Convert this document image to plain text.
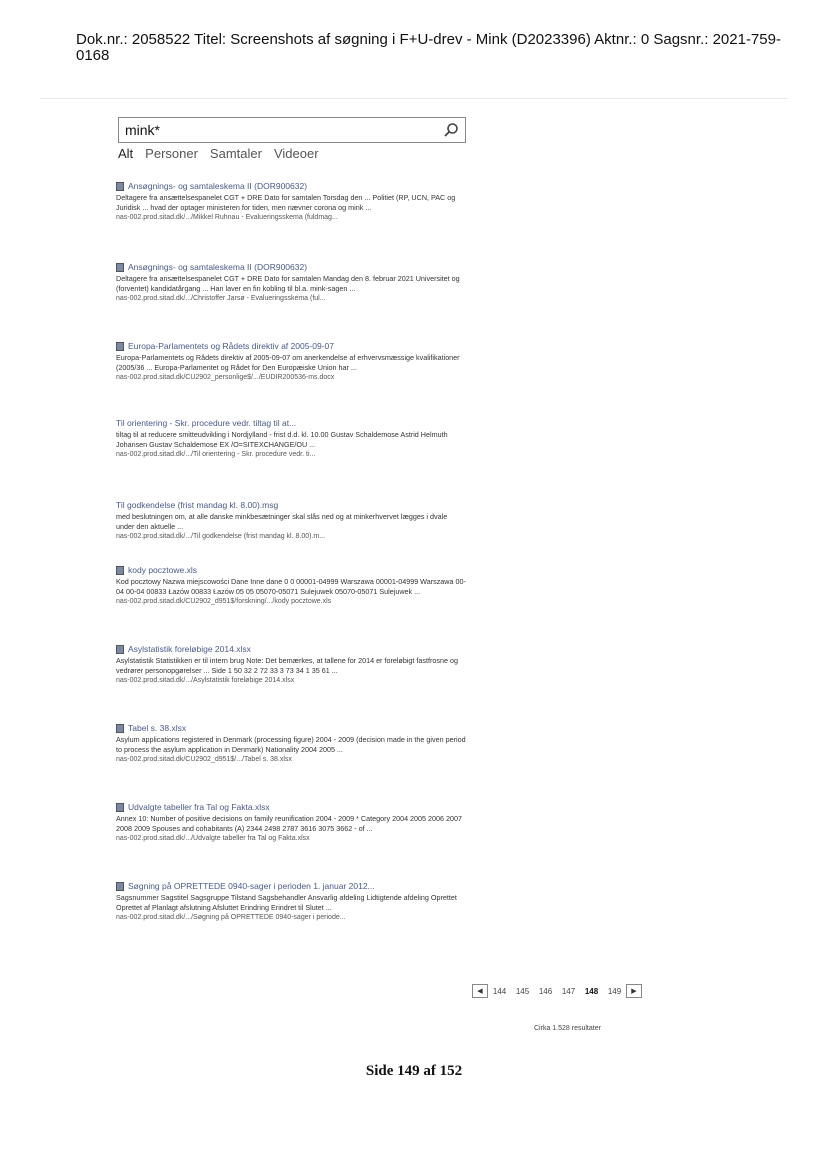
Dok.nr.: 2058522 Titel: Screenshots af søgning i F+U-drev - Mink (D2023396) Aktnr.: 0 Sagsnr.: 2021-759-0168
mink*
Alt Personer Samtaler Videoer
Ansøgnings- og samtaleskema II (DOR900632)
Deltagere fra ansættelsespanelet CGT + DRE Dato for samtalen Torsdag den ... Politiet (RP, UCN, PAC og Juridisk ... hvad der optager ministeren for tiden, men nævner corona og mink ...
nas-002.prod.sitad.dk/.../Mikkel Ruhnau - Evalueringsskema (fuldmag...
Ansøgnings- og samtaleskema II (DOR900632)
Deltagere fra ansættelsespanelet CGT + DRE Dato for samtalen Mandag den 8. februar 2021 Universitet og (forventet) kandidatårgang ... Han laver en fin kobling til bl.a. mink-sagen ...
nas-002.prod.sitad.dk/.../Christoffer Jarsø - Evalueringsskema (ful...
Europa-Parlamentets og Rådets direktiv af 2005-09-07
Europa-Parlamentets og Rådets direktiv af 2005-09-07 om anerkendelse af erhvervsmæssige kvalifikationer (2005/36 ... Europa-Parlamentet og Rådet for Den Europæiske Union har ...
nas-002.prod.sitad.dk/CU2902_personlige$/.../EUDIR200536-ms.docx
Til orientering - Skr. procedure vedr. tiltag til at...
tiltag til at reducere smitteudvikling i Nordjylland - frist d.d. kl. 10.00 Gustav Schaldemose Astrid Helmuth Johansen Gustav Schaldemose EX /O=SITEXCHANGE/OU ...
nas-002.prod.sitad.dk/.../Til orientering - Skr. procedure vedr. ti...
Til godkendelse (frist mandag kl. 8.00).msg
med beslutningen om, at alle danske minkbesætninger skal slås ned og at minkerhvervet lægges i dvale under den aktuelle ...
nas-002.prod.sitad.dk/.../Til godkendelse (frist mandag kl. 8.00).m...
kody pocztowe.xls
Kod pocztowy Nazwa miejscowości Dane Inne dane 0 0 00001-04999 Warszawa 00001-04999 Warszawa 00-04 00-04 00833 Łazów 00833 Łazów 05 05 05070-05071 Sulejuwek 05070-05071 Sulejuwek ...
nas-002.prod.sitad.dk/CU2902_d951$/forskning/.../kody pocztowe.xls
Asylstatistik foreløbige 2014.xlsx
Asylstatistik Statistikken er til intern brug Note: Det bemærkes, at tallene for 2014 er foreløbigt fastfrosne og vedrører personopgørelser ... Side 1 50 32 2 72 33 3 73 34 1 35 61 ...
nas-002.prod.sitad.dk/.../Asylstatistik foreløbige 2014.xlsx
Tabel s. 38.xlsx
Asylum applications registered in Denmark (processing figure) 2004 - 2009 (decision made in the given period to process the asylum application in Denmark) Nationality 2004 2005 ...
nas-002.prod.sitad.dk/CU2902_d951$/.../Tabel s. 38.xlsx
Udvalgte tabeller fra Tal og Fakta.xlsx
Annex 10: Number of positive decisions on family reunification 2004 - 2009 * Category 2004 2005 2006 2007 2008 2009 Spouses and cohabitants (A) 2344 2498 2787 3616 3075 3662 - of ...
nas-002.prod.sitad.dk/.../Udvalgte tabeller fra Tal og Fakta.xlsx
Søgning på OPRETTEDE 0940-sager i perioden 1. januar 2012...
Sagsnummer Sagstitel Sagsgruppe Tilstand Sagsbehandler Ansvarlig afdeling Lidtigtende afdeling Oprettet Oprettet af Planlagt afslutning Afsluttet Erindring Erindret til Slutet ...
nas-002.prod.sitad.dk/.../Søgning på OPRETTEDE 0940-sager i periode...
◀	144	145	146	147	148	149	▶
Cirka 1.528 resultater
Side 149 af 152
